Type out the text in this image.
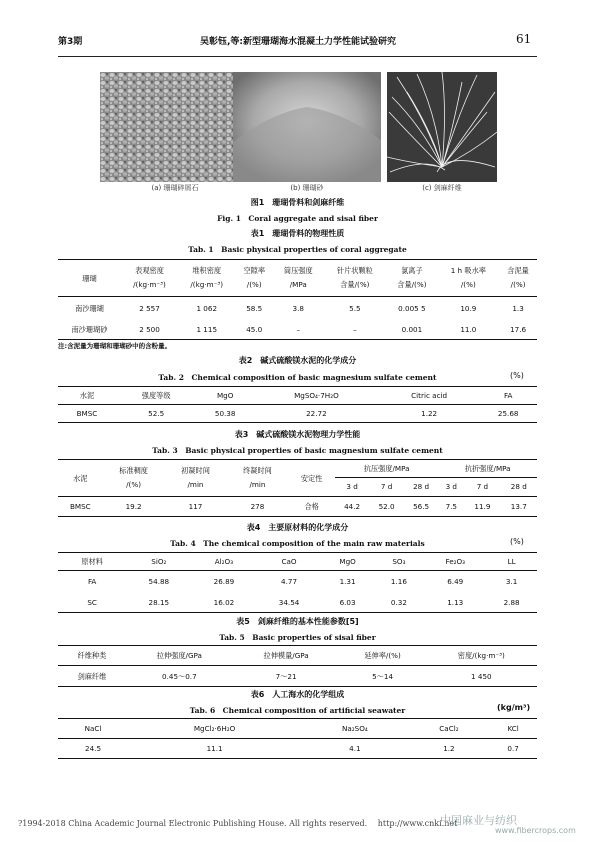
第3期	吴彰钰,等:新型珊瑚海水混凝土力学性能试验研究	61
(a) 珊瑚碎屑石	(b) 珊瑚砂	(c) 剑麻纤维
图1　珊瑚骨料和剑麻纤维
Fig. 1　Coral aggregate and sisal fiber
表1　珊瑚骨料的物理性质
Tab. 1　Basic physical properties of coral aggregate
珊瑚	表观密度	堆积密度	空隙率	筒压强度	针片状颗粒	氯离子	1 h 吸水率	含泥量
	/(kg·m⁻³)	/(kg·m⁻³)	/(%)	/MPa	含量/(%)	含量/(%)	/(%)	/(%)
南沙珊瑚	2 557	1 062	58.5	3.8	5.5	0.005 5	10.9	1.3
南沙珊瑚砂	2 500	1 115	45.0	–	–	0.001	11.0	17.6
注:含泥量为珊瑚和珊瑚砂中的含粉量。
表2　碱式硫酸镁水泥的化学成分
Tab. 2　Chemical composition of basic magnesium sulfate cement	(%)
水泥	强度等级	MgO	MgSO₄·7H₂O	Citric acid	FA
BMSC	52.5	50.38	22.72	1.22	25.68
表3　碱式硫酸镁水泥物理力学性能
Tab. 3　Basic physical properties of basic magnesium sulfate cement
水泥	标准稠度	初凝时间	终凝时间	安定性	抗压强度/MPa			抗折强度/MPa		
	/(%)	/min	/min		3 d	7 d	28 d	3 d	7 d	28 d
BMSC	19.2	117	278	合格	44.2	52.0	56.5	7.5	11.9	13.7
表4　主要原材料的化学成分
Tab. 4　The chemical composition of the main raw materials	(%)
原材料	SiO₂	Al₂O₃	CaO	MgO	SO₃	Fe₂O₃	LL
FA	54.88	26.89	4.77	1.31	1.16	6.49	3.1
SC	28.15	16.02	34.54	6.03	0.32	1.13	2.88
表5　剑麻纤维的基本性能参数[5]
Tab. 5　Basic properties of sisal fiber
纤维种类	拉伸强度/GPa	拉伸模量/GPa	延伸率/(%)	密度/(kg·m⁻³)
剑麻纤维	0.45～0.7	7～21	5～14	1 450
表6　人工海水的化学组成
Tab. 6　Chemical composition of artificial seawater	(kg/m³)
NaCl	MgCl₂·6H₂O	Na₂SO₄	CaCl₂	KCl
24.5	11.1	4.1	1.2	0.7
?1994-2018 China Academic Journal Electronic Publishing House. All rights reserved.　 http://www.cnki.net
中国麻业与纺织
www.fibercrops.com
